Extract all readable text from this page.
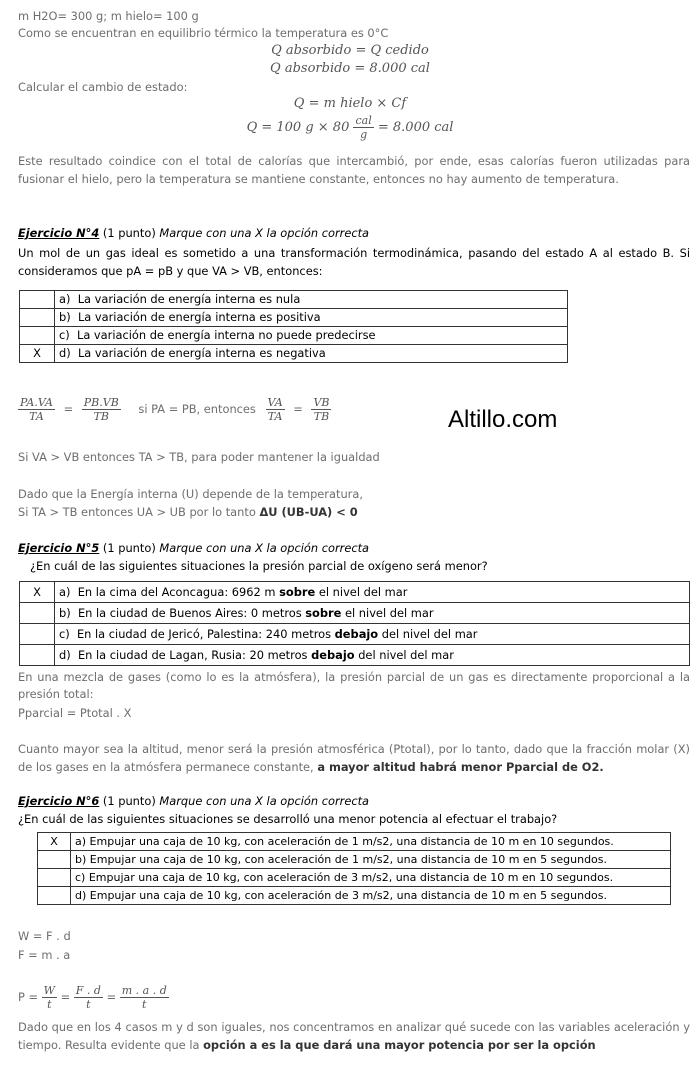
m H2O= 300 g; m hielo= 100 g
Como se encuentran en equilibrio térmico la temperatura es 0°C
Q absorbido = Q cedido
Q absorbido = 8.000 cal
Calcular el cambio de estado:
Q = m hielo × Cf
Q = 100 $g \times 80 \frac{\text{cal}}{g} = 8.000$ cal
Este resultado coindice con el total de calorías que intercambió, por ende, esas calorías fueron utilizadas para fusionar el hielo, pero la temperatura se mantiene constante, entonces no hay aumento de temperatura.
Ejercicio N°4 (1 punto) Marque con una X la opción correcta
Un mol de un gas ideal es sometido a una transformación termodinámica, pasando del estado A al estado B. Si consideramos que pA = pB y que VA > VB, entonces:
	a) La variación de energía interna es nula
	b) La variación de energía interna es positiva
	c) La variación de energía interna no puede predecirse
X	d) La variación de energía interna es negativa
$\frac{PA.VA}{TA} = \frac{PB.VB}{TB}$ si PA = PB, entonces $\frac{VA}{TA} = \frac{VB}{TB}$	Altillo.com
Si VA > VB entonces TA > TB, para poder mantener la igualdad
Dado que la Energía interna (U) depende de la temperatura,
Si TA > TB entonces UA > UB por lo tanto ΔU (UB-UA) < 0
Ejercicio N°5 (1 punto) Marque con una X la opción correcta
¿En cuál de las siguientes situaciones la presión parcial de oxígeno será menor?
X	a) En la cima del Aconcagua: 6962 m sobre el nivel del mar
	b) En la ciudad de Buenos Aires: 0 metros sobre el nivel del mar
	c) En la ciudad de Jericó, Palestina: 240 metros debajo del nivel del mar
	d) En la ciudad de Lagan, Rusia: 20 metros debajo del nivel del mar
En una mezcla de gases (como lo es la atmósfera), la presión parcial de un gas es directamente proporcional a la presión total:
Pparcial = Ptotal . X
Cuanto mayor sea la altitud, menor será la presión atmosférica (Ptotal), por lo tanto, dado que la fracción molar (X) de los gases en la atmósfera permanece constante, a mayor altitud habrá menor Pparcial de O2.
Ejercicio N°6 (1 punto) Marque con una X la opción correcta
¿En cuál de las siguientes situaciones se desarrolló una menor potencia al efectuar el trabajo?
X	a) Empujar una caja de 10 kg, con aceleración de 1 m/s2, una distancia de 10 m en 10 segundos.
	b) Empujar una caja de 10 kg, con aceleración de 1 m/s2, una distancia de 10 m en 5 segundos.
	c) Empujar una caja de 10 kg, con aceleración de 3 m/s2, una distancia de 10 m en 10 segundos.
	d) Empujar una caja de 10 kg, con aceleración de 3 m/s2, una distancia de 10 m en 5 segundos.
W = F . d
F = m . a
$P = \frac{W}{t} = \frac{F . d}{t} = \frac{m . a . d}{t}$
Dado que en los 4 casos m y d son iguales, nos concentramos en analizar qué sucede con las variables aceleración y tiempo. Resulta evidente que la opción a es la que dará una mayor potencia por ser la opción
